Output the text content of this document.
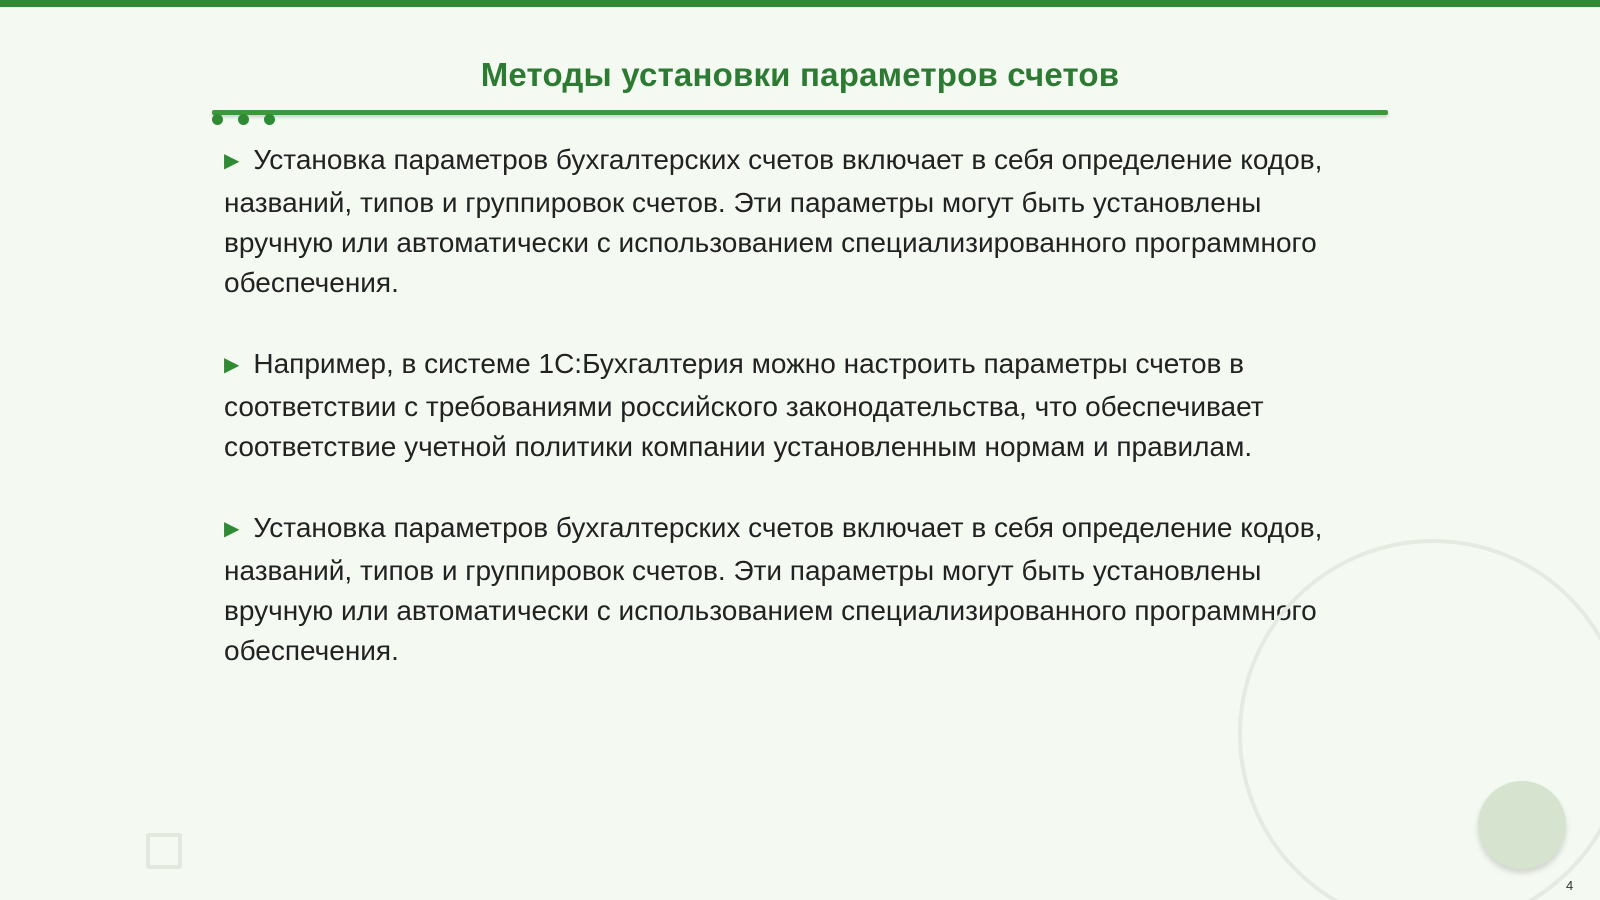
Методы установки параметров счетов

▶ Установка параметров бухгалтерских счетов включает в себя определение кодов, названий, типов и группировок счетов. Эти параметры могут быть установлены вручную или автоматически с использованием специализированного программного обеспечения.

▶ Например, в системе 1С:Бухгалтерия можно настроить параметры счетов в соответствии с требованиями российского законодательства, что обеспечивает соответствие учетной политики компании установленным нормам и правилам.

▶ Установка параметров бухгалтерских счетов включает в себя определение кодов, названий, типов и группировок счетов. Эти параметры могут быть установлены вручную или автоматически с использованием специализированного программного обеспечения.

4
